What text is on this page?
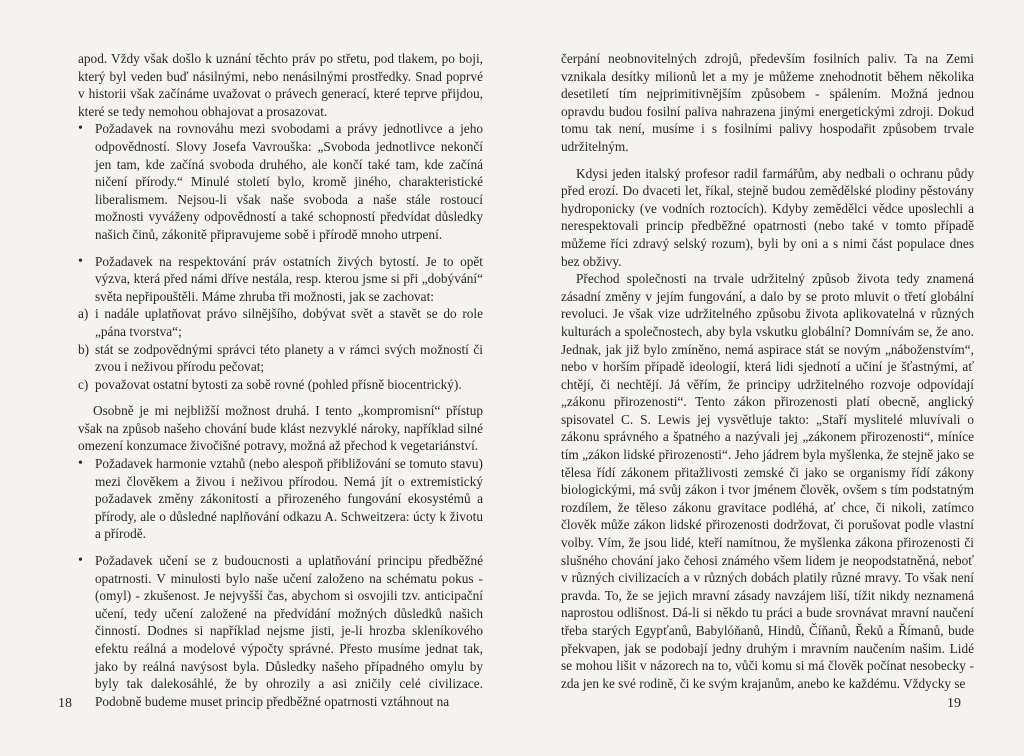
apod. Vždy však došlo k uznání těchto práv po střetu, pod tlakem, po boji, který byl veden buď násilnými, nebo nenásilnými prostředky. Snad poprvé v historii však začínáme uvažovat o právech generací, které teprve přijdou, které se tedy nemohou obhajovat a prosazovat.

• Požadavek na rovnováhu mezi svobodami a právy jednotlivce a jeho odpovědností. Slovy Josefa Vavrouška: „Svoboda jednotlivce nekončí jen tam, kde začíná svoboda druhého, ale končí také tam, kde začíná ničení přírody.“ Minulé století bylo, kromě jiného, charakteristické liberalismem. Nejsou-li však naše svoboda a naše stále rostoucí možnosti vyváženy odpovědností a také schopností předvídat důsledky našich činů, zákonitě připravujeme sobě i přírodě mnoho utrpení.

• Požadavek na respektování práv ostatních živých bytostí. Je to opět výzva, která před námi dříve nestála, resp. kterou jsme si při „dobývání“ světa nepřipouštěli. Máme zhruba tři možnosti, jak se zachovat:

a) i nadále uplatňovat právo silnějšího, dobývat svět a stavět se do role „pána tvorstva“;

b) stát se zodpovědnými správci této planety a v rámci svých možností či zvou i neživou přírodu pečovat;

c) považovat ostatní bytosti za sobě rovné (pohled přísně biocentrický).

Osobně je mi nejbližší možnost druhá. I tento „kompromisní“ přístup však na způsob našeho chování bude klást nezvyklé nároky, například silné omezení konzumace živočišné potravy, možná až přechod k vegetariánství.

• Požadavek harmonie vztahů (nebo alespoň přibližování se tomuto stavu) mezi člověkem a živou i neživou přírodou. Nemá jít o extremistický požadavek změny zákonitostí a přirozeného fungování ekosystémů a přírody, ale o důsledné naplňování odkazu A. Schweitzera: úcty k životu a přírodě.

• Požadavek učení se z budoucnosti a uplatňování principu předběžné opatrnosti. V minulosti bylo naše učení založeno na schématu pokus - (omyl) - zkušenost. Je nejvyšší čas, abychom si osvojili tzv. anticipační učení, tedy učení založené na předvídání možných důsledků našich činností. Dodnes si například nejsme jisti, je-li hrozba skleníkového efektu reálná a modelové výpočty správné. Přesto musíme jednat tak, jako by reálná navýsost byla. Důsledky našeho případného omylu by byly tak dalekosáhlé, že by ohrozily a asi zničily celé civilizace. Podobně budeme muset princip předběžné opatrnosti vztáhnout na

18

čerpání neobnovitelných zdrojů, především fosilních paliv. Ta na Zemi vznikala desítky milionů let a my je můžeme znehodnotit během několika desetiletí tím nejprimitivnějším způsobem - spálením. Možná jednou opravdu budou fosilní paliva nahrazena jinými energetickými zdroji. Dokud tomu tak není, musíme i s fosilními palivy hospodařit způsobem trvale udržitelným.

Kdysi jeden italský profesor radil farmářům, aby nedbali o ochranu půdy před erozí. Do dvaceti let, říkal, stejně budou zemědělské plodiny pěstovány hydroponicky (ve vodních roztocích). Kdyby zemědělci vědce uposlechli a nerespektovali princip předběžné opatrnosti (nebo také v tomto případě můžeme říci zdravý selský rozum), byli by oni a s nimi část populace dnes bez obživy.

Přechod společnosti na trvale udržitelný způsob života tedy znamená zásadní změny v jejím fungování, a dalo by se proto mluvit o třetí globální revoluci. Je však vize udržitelného způsobu života aplikovatelná v různých kulturách a společnostech, aby byla vskutku globální? Domnívám se, že ano. Jednak, jak již bylo zmíněno, nemá aspirace stát se novým „náboženstvím“, nebo v horším případě ideologií, která lidi sjednotí a učiní je šťastnými, ať chtějí, či nechtějí. Já věřím, že principy udržitelného rozvoje odpovídají „zákonu přirozenosti“. Tento zákon přirozenosti platí obecně, anglický spisovatel C. S. Lewis jej vysvětluje takto: „Staří myslitelé mluvívali o zákonu správného a špatného a nazývali jej „zákonem přirozenosti“, míníce tím „zákon lidské přirozenosti“. Jeho jádrem byla myšlenka, že stejně jako se tělesa řídí zákonem přitažlivosti zemské či jako se organismy řídí zákony biologickými, má svůj zákon i tvor jménem člověk, ovšem s tím podstatným rozdílem, že těleso zákonu gravitace podléhá, ať chce, či nikoli, zatímco člověk může zákon lidské přirozenosti dodržovat, či porušovat podle vlastní volby. Vím, že jsou lidé, kteří namítnou, že myšlenka zákona přirozenosti či slušného chování jako čehosi známého všem lidem je neopodstatněná, neboť v různých civilizacích a v různých dobách platily různé mravy. To však není pravda. To, že se jejich mravní zásady navzájem liší, tížit nikdy neznamená naprostou odlišnost. Dá-li si někdo tu práci a bude srovnávat mravní naučení třeba starých Egypťanů, Babylóňanů, Hindů, Číňanů, Řeků a Římanů, bude překvapen, jak se podobají jedny druhým i mravním naučením našim. Lidé se mohou lišit v názorech na to, vůči komu si má člověk počínat nesobecky - zda jen ke své rodině, či ke svým krajanům, anebo ke každému. Vždycky se

19
